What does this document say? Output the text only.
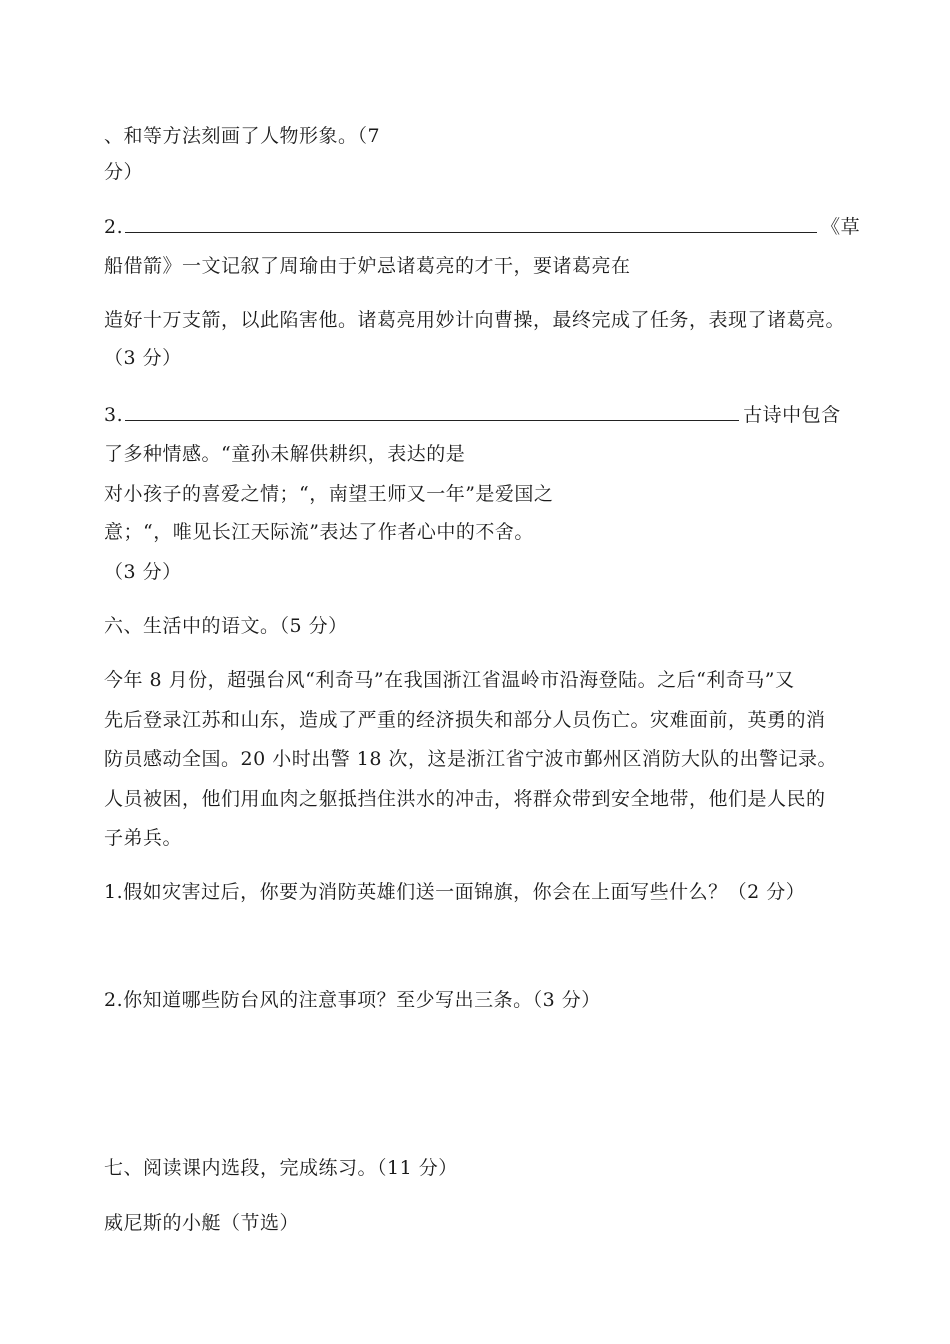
、和等方法刻画了人物形象。（7
分）
2.	《草
船借箭》一文记叙了周瑜由于妒忌诸葛亮的才干，要诸葛亮在
造好十万支箭，以此陷害他。诸葛亮用妙计向曹操，最终完成了任务，表现了诸葛亮。
（3 分）
3.	古诗中包含
了多种情感。“童孙未解供耕织，表达的是
对小孩子的喜爱之情；“，南望王师又一年”是爱国之
意；“，唯见长江天际流”表达了作者心中的不舍。
（3 分）
六、生活中的语文。（5 分）
今年 8 月份，超强台风“利奇马”在我国浙江省温岭市沿海登陆。之后“利奇马”又
先后登录江苏和山东，造成了严重的经济损失和部分人员伤亡。灾难面前，英勇的消
防员感动全国。20 小时出警 18 次，这是浙江省宁波市鄞州区消防大队的出警记录。
人员被困，他们用血肉之躯抵挡住洪水的冲击，将群众带到安全地带，他们是人民的
子弟兵。
1.假如灾害过后，你要为消防英雄们送一面锦旗，你会在上面写些什么？（2 分）
2.你知道哪些防台风的注意事项？至少写出三条。（3 分）
七、阅读课内选段，完成练习。（11 分）
威尼斯的小艇（节选）
